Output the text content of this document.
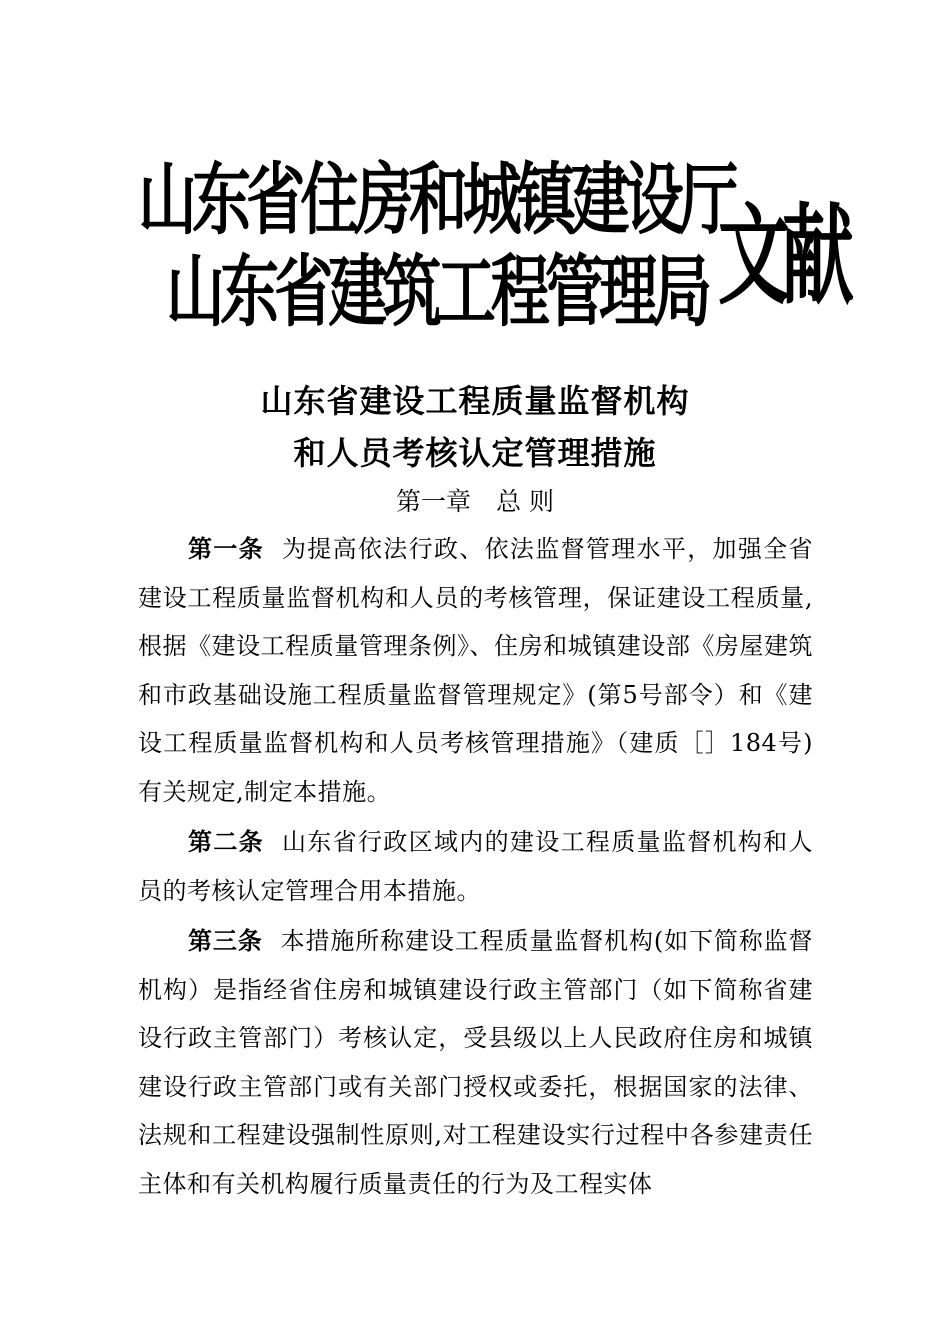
山东省住房和城镇建设厅
山东省建筑工程管理局 文献
山东省建设工程质量监督机构
和人员考核认定管理措施
第一章　总 则

第一条 为提高依法行政、依法监督管理水平，加强全省建设工程质量监督机构和人员的考核管理，保证建设工程质量,根据《建设工程质量管理条例》、住房和城镇建设部《房屋建筑和市政基础设施工程质量监督管理规定》(第5号部令）和《建设工程质量监督机构和人员考核管理措施》（建质［］184号)有关规定,制定本措施。

第二条 山东省行政区域内的建设工程质量监督机构和人员的考核认定管理合用本措施。

第三条 本措施所称建设工程质量监督机构(如下简称监督机构）是指经省住房和城镇建设行政主管部门（如下简称省建设行政主管部门）考核认定，受县级以上人民政府住房和城镇建设行政主管部门或有关部门授权或委托，根据国家的法律、法规和工程建设强制性原则,对工程建设实行过程中各参建责任主体和有关机构履行质量责任的行为及工程实体
